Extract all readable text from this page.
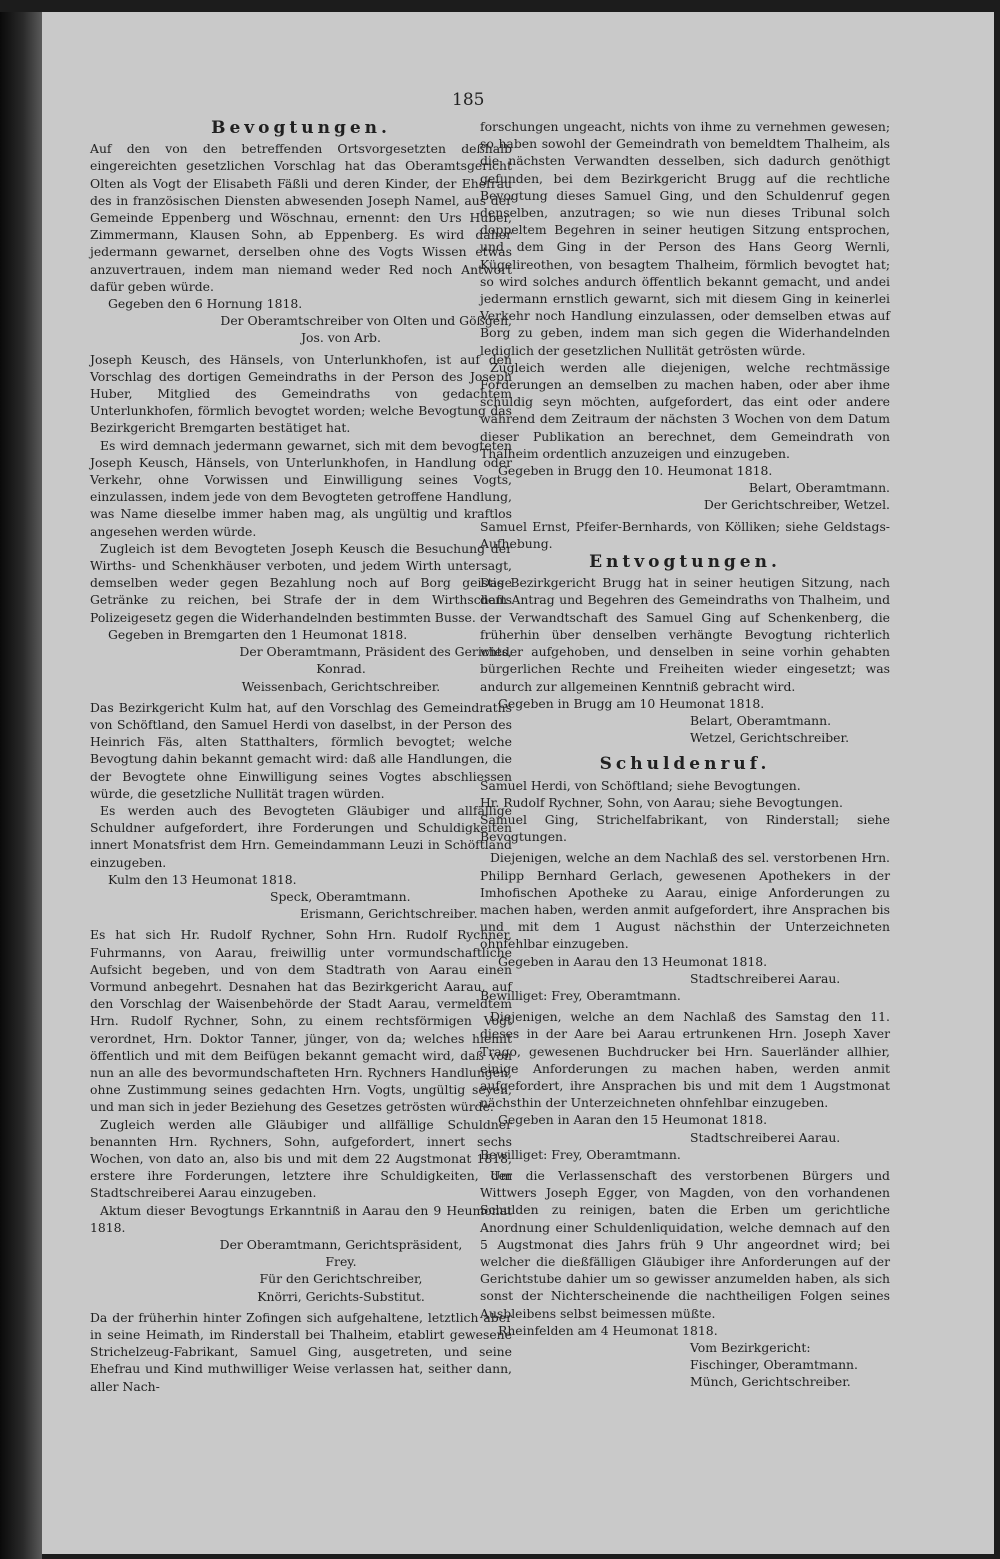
185
Bevogtungen.

Auf den von den betreffenden Ortsvorgesetzten deßhalb eingereichten gesetzlichen Vorschlag hat das Oberamtsgericht Olten als Vogt der Elisabeth Fäßli und deren Kinder, der Ehefrau des in französischen Diensten abwesenden Joseph Namel, aus der Gemeinde Eppenberg und Wöschnau, ernennt: den Urs Huber, Zimmermann, Klausen Sohn, ab Eppenberg. Es wird daher jedermann gewarnet, derselben ohne des Vogts Wissen etwas anzuvertrauen, indem man niemand weder Red noch Antwort dafür geben würde.

Gegeben den 6 Hornung 1818.

Der Oberamtschreiber von Olten und Gößgen,

Jos. von Arb.

Joseph Keusch, des Hänsels, von Unterlunkhofen, ist auf den Vorschlag des dortigen Gemeindraths in der Person des Joseph Huber, Mitglied des Gemeindraths von gedachtem Unterlunkhofen, förmlich bevogtet worden; welche Bevogtung das Bezirkgericht Bremgarten bestätiget hat.

Es wird demnach jedermann gewarnet, sich mit dem bevogteten Joseph Keusch, Hänsels, von Unterlunkhofen, in Handlung oder Verkehr, ohne Vorwissen und Einwilligung seines Vogts, einzulassen, indem jede von dem Bevogteten getroffene Handlung, was Name dieselbe immer haben mag, als ungültig und kraftlos angesehen werden würde.

Zugleich ist dem Bevogteten Joseph Keusch die Besuchung der Wirths- und Schenkhäuser verboten, und jedem Wirth untersagt, demselben weder gegen Bezahlung noch auf Borg geistige Getränke zu reichen, bei Strafe der in dem Wirthschafts Polizeigesetz gegen die Widerhandelnden bestimmten Busse.

Gegeben in Bremgarten den 1 Heumonat 1818.

Der Oberamtmann, Präsident des Gerichts,

Konrad.

Weissenbach, Gerichtschreiber.

Das Bezirkgericht Kulm hat, auf den Vorschlag des Gemeindraths von Schöftland, den Samuel Herdi von daselbst, in der Person des Heinrich Fäs, alten Statthalters, förmlich bevogtet; welche Bevogtung dahin bekannt gemacht wird: daß alle Handlungen, die der Bevogtete ohne Einwilligung seines Vogtes abschliessen würde, die gesetzliche Nullität tragen würden.

Es werden auch des Bevogteten Gläubiger und allfällige Schuldner aufgefordert, ihre Forderungen und Schuldigkeiten innert Monatsfrist dem Hrn. Gemeindammann Leuzi in Schöftland einzugeben.

Kulm den 13 Heumonat 1818.

Speck, Oberamtmann.

Erismann, Gerichtschreiber.

Es hat sich Hr. Rudolf Rychner, Sohn Hrn. Rudolf Rychner, Fuhrmanns, von Aarau, freiwillig unter vormundschaftliche Aufsicht begeben, und von dem Stadtrath von Aarau einen Vormund anbegehrt. Desnahen hat das Bezirkgericht Aarau, auf den Vorschlag der Waisenbehörde der Stadt Aarau, vermeldtem Hrn. Rudolf Rychner, Sohn, zu einem rechtsförmigen Vogt verordnet, Hrn. Doktor Tanner, jünger, von da; welches hiemit öffentlich und mit dem Beifügen bekannt gemacht wird, daß von nun an alle des bevormundschafteten Hrn. Rychners Handlungen, ohne Zustimmung seines gedachten Hrn. Vogts, ungültig seyen, und man sich in jeder Beziehung des Gesetzes getrösten würde.

Zugleich werden alle Gläubiger und allfällige Schuldner benannten Hrn. Rychners, Sohn, aufgefordert, innert sechs Wochen, von dato an, also bis und mit dem 22 Augstmonat 1818, erstere ihre Forderungen, letztere ihre Schuldigkeiten, der Stadtschreiberei Aarau einzugeben.

Aktum dieser Bevogtungs Erkanntniß in Aarau den 9 Heumonat 1818.

Der Oberamtmann, Gerichtspräsident,

Frey.

Für den Gerichtschreiber,

Knörri, Gerichts-Substitut.

Da der früherhin hinter Zofingen sich aufgehaltene, letztlich aber in seine Heimath, im Rinderstall bei Thalheim, etablirt gewesene Strichelzeug-Fabrikant, Samuel Ging, ausgetreten, und seine Ehefrau und Kind muthwilliger Weise verlassen hat, seither dann, aller Nach-

forschungen ungeacht, nichts von ihme zu vernehmen gewesen; so haben sowohl der Gemeindrath von bemeldtem Thalheim, als die nächsten Verwandten desselben, sich dadurch genöthigt gefunden, bei dem Bezirkgericht Brugg auf die rechtliche Bevogtung dieses Samuel Ging, und den Schuldenruf gegen denselben, anzutragen; so wie nun dieses Tribunal solch doppeltem Begehren in seiner heutigen Sitzung entsprochen, und dem Ging in der Person des Hans Georg Wernli, Kügelireothen, von besagtem Thalheim, förmlich bevogtet hat; so wird solches andurch öffentlich bekannt gemacht, und andei jedermann ernstlich gewarnt, sich mit diesem Ging in keinerlei Verkehr noch Handlung einzulassen, oder demselben etwas auf Borg zu geben, indem man sich gegen die Widerhandelnden lediglich der gesetzlichen Nullität getrösten würde.

Zugleich werden alle diejenigen, welche rechtmässige Forderungen an demselben zu machen haben, oder aber ihme schuldig seyn möchten, aufgefordert, das eint oder andere während dem Zeitraum der nächsten 3 Wochen von dem Datum dieser Publikation an berechnet, dem Gemeindrath von Thalheim ordentlich anzuzeigen und einzugeben.

Gegeben in Brugg den 10. Heumonat 1818.

Belart, Oberamtmann.

Der Gerichtschreiber, Wetzel.

Samuel Ernst, Pfeifer-Bernhards, von Kölliken; siehe Geldstags-Aufhebung.

Entvogtungen.

Das Bezirkgericht Brugg hat in seiner heutigen Sitzung, nach dem Antrag und Begehren des Gemeindraths von Thalheim, und der Verwandtschaft des Samuel Ging auf Schenkenberg, die früherhin über denselben verhängte Bevogtung richterlich wieder aufgehoben, und denselben in seine vorhin gehabten bürgerlichen Rechte und Freiheiten wieder eingesetzt; was andurch zur allgemeinen Kenntniß gebracht wird.

Gegeben in Brugg am 10 Heumonat 1818.

Belart, Oberamtmann.

Wetzel, Gerichtschreiber.

Schuldenruf.

Samuel Herdi, von Schöftland; siehe Bevogtungen.

Hr. Rudolf Rychner, Sohn, von Aarau; siehe Bevogtungen.

Samuel Ging, Strichelfabrikant, von Rinderstall; siehe Bevogtungen.

Diejenigen, welche an dem Nachlaß des sel. verstorbenen Hrn. Philipp Bernhard Gerlach, gewesenen Apothekers in der Imhofischen Apotheke zu Aarau, einige Anforderungen zu machen haben, werden anmit aufgefordert, ihre Ansprachen bis und mit dem 1 August nächsthin der Unterzeichneten ohnfehlbar einzugeben.

Gegeben in Aarau den 13 Heumonat 1818.

Stadtschreiberei Aarau.

Bewilliget: Frey, Oberamtmann.

Diejenigen, welche an dem Nachlaß des Samstag den 11. dieses in der Aare bei Aarau ertrunkenen Hrn. Joseph Xaver Trago, gewesenen Buchdrucker bei Hrn. Sauerländer allhier, einige Anforderungen zu machen haben, werden anmit aufgefordert, ihre Ansprachen bis und mit dem 1 Augstmonat nächsthin der Unterzeichneten ohnfehlbar einzugeben.

Gegeben in Aaran den 15 Heumonat 1818.

Stadtschreiberei Aarau.

Bewilliget: Frey, Oberamtmann.

Um die Verlassenschaft des verstorbenen Bürgers und Wittwers Joseph Egger, von Magden, von den vorhandenen Schulden zu reinigen, baten die Erben um gerichtliche Anordnung einer Schuldenliquidation, welche demnach auf den 5 Augstmonat dies Jahrs früh 9 Uhr angeordnet wird; bei welcher die dießfälligen Gläubiger ihre Anforderungen auf der Gerichtstube dahier um so gewisser anzumelden haben, als sich sonst der Nichterscheinende die nachtheiligen Folgen seines Ausbleibens selbst beimessen müßte.

Rheinfelden am 4 Heumonat 1818.

Vom Bezirkgericht:

Fischinger, Oberamtmann.

Münch, Gerichtschreiber.
